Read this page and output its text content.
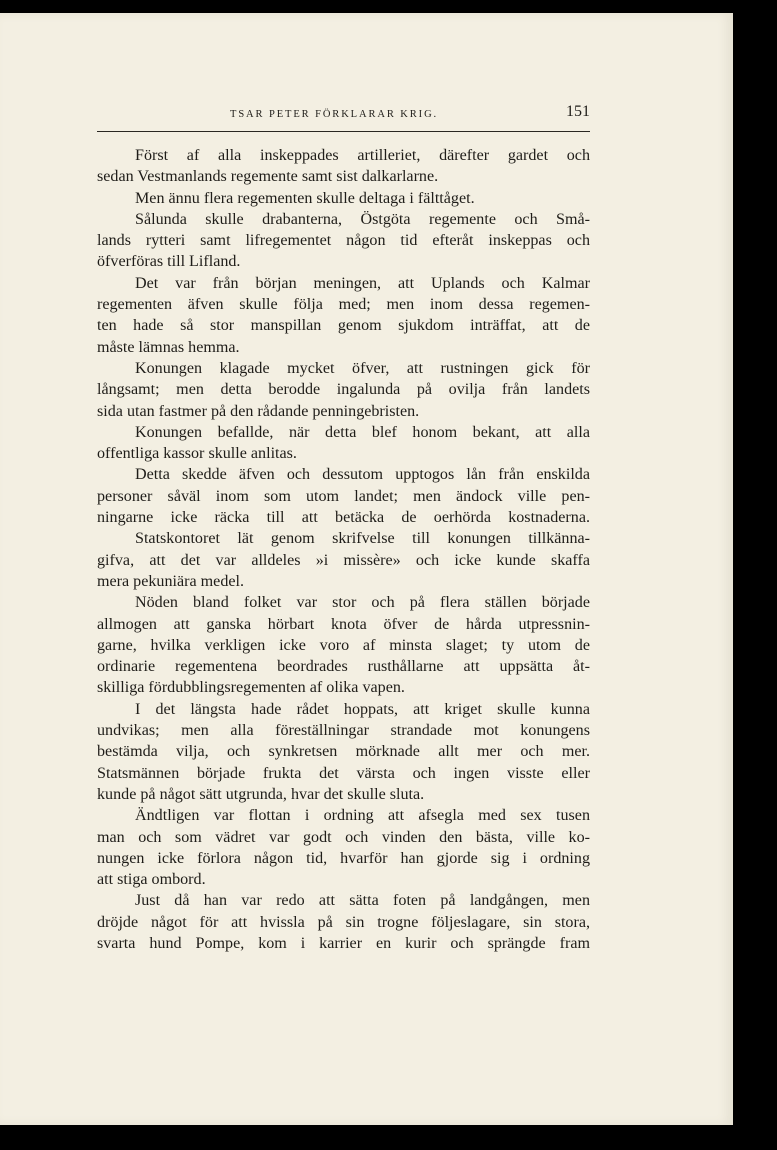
TSAR PETER FÖRKLARAR KRIG.	151
Först af alla inskeppades artilleriet, därefter gardet och
sedan Vestmanlands regemente samt sist dalkarlarne.
Men ännu flera regementen skulle deltaga i fälttåget.
Sålunda skulle drabanterna, Östgöta regemente och Små-
lands rytteri samt lifregementet någon tid efteråt inskeppas och
öfverföras till Lifland.
Det var från början meningen, att Uplands och Kalmar
regementen äfven skulle följa med; men inom dessa regemen-
ten hade så stor manspillan genom sjukdom inträffat, att de
måste lämnas hemma.
Konungen klagade mycket öfver, att rustningen gick för
långsamt; men detta berodde ingalunda på ovilja från landets
sida utan fastmer på den rådande penningebristen.
Konungen befallde, när detta blef honom bekant, att alla
offentliga kassor skulle anlitas.
Detta skedde äfven och dessutom upptogos lån från enskilda
personer såväl inom som utom landet; men ändock ville pen-
ningarne icke räcka till att betäcka de oerhörda kostnaderna.
Statskontoret lät genom skrifvelse till konungen tillkänna-
gifva, att det var alldeles »i missère» och icke kunde skaffa
mera pekuniära medel.
Nöden bland folket var stor och på flera ställen började
allmogen att ganska hörbart knota öfver de hårda utpressnin-
garne, hvilka verkligen icke voro af minsta slaget; ty utom de
ordinarie regementena beordrades rusthållarne att uppsätta åt-
skilliga fördubblingsregementen af olika vapen.
I det längsta hade rådet hoppats, att kriget skulle kunna
undvikas; men alla föreställningar strandade mot konungens
bestämda vilja, och synkretsen mörknade allt mer och mer.
Statsmännen började frukta det värsta och ingen visste eller
kunde på något sätt utgrunda, hvar det skulle sluta.
Ändtligen var flottan i ordning att afsegla med sex tusen
man och som vädret var godt och vinden den bästa, ville ko-
nungen icke förlora någon tid, hvarför han gjorde sig i ordning
att stiga ombord.
Just då han var redo att sätta foten på landgången, men
dröjde något för att hvissla på sin trogne följeslagare, sin stora,
svarta hund Pompe, kom i karrier en kurir och sprängde fram
